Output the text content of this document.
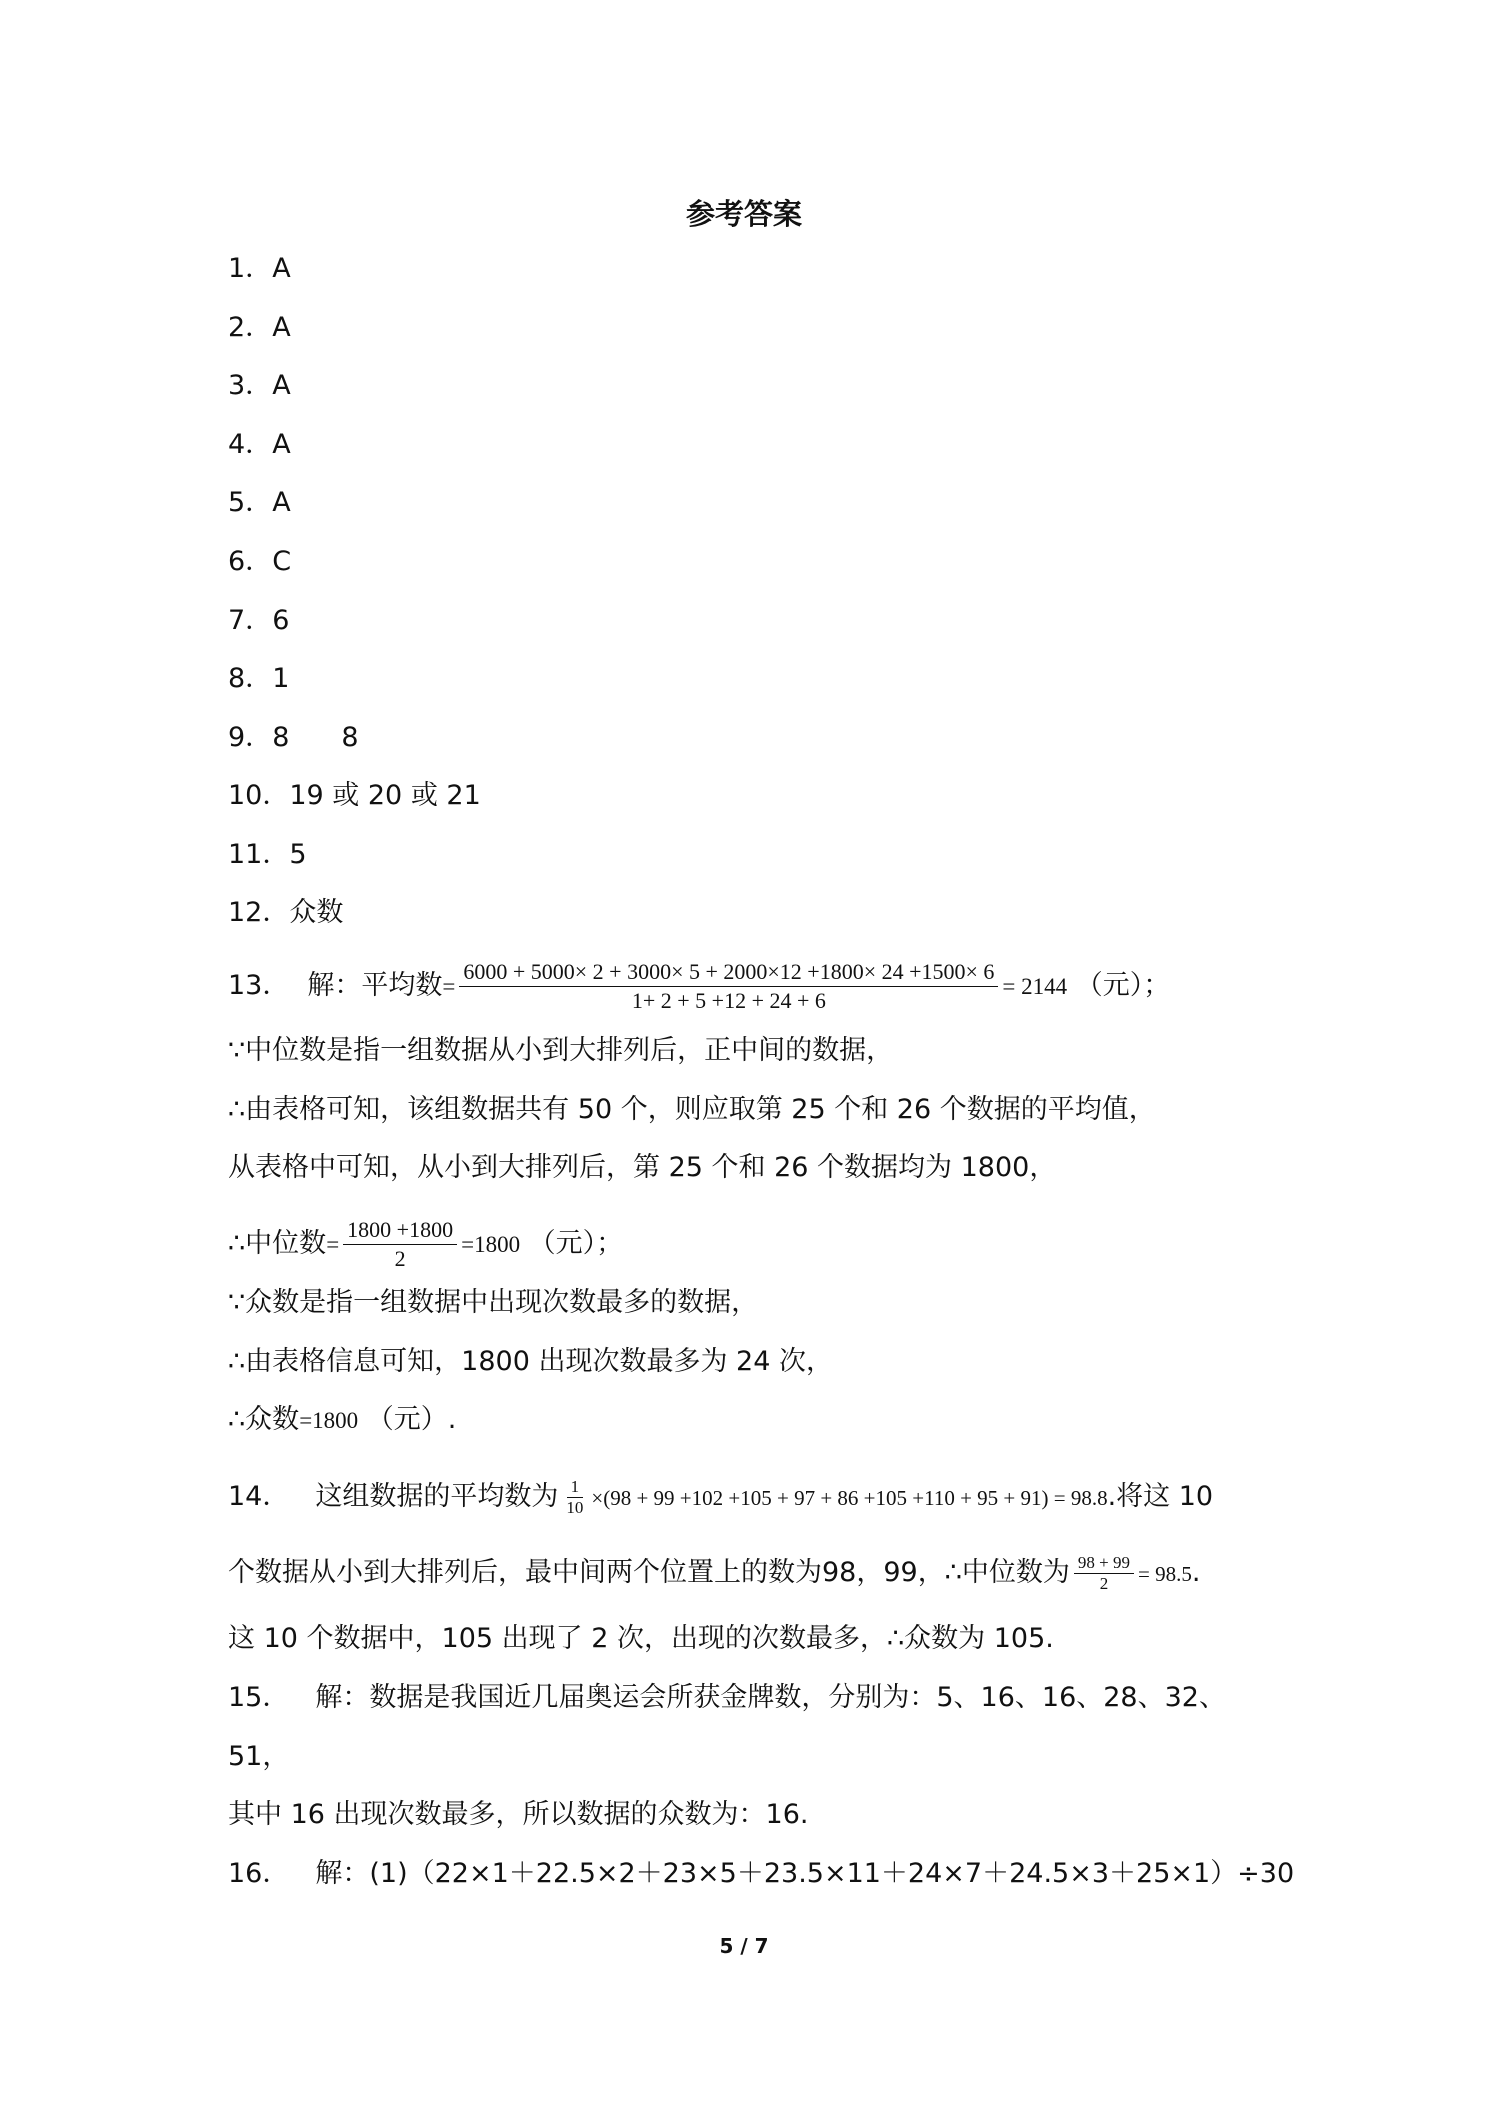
参考答案
1．A
2．A
3．A
4．A
5．A
6．C
7．6
8．1
9．8 8
10．19 或 20 或 21
11．5
12．众数
13． 解：平均数= $\frac{6000 + 5000\times 2 + 3000\times 5 + 2000\times 12 +1800\times 24 +1500\times 6}{1+ 2 + 5 +12 + 24 + 6} = 2144$ （元）；
∵中位数是指一组数据从小到大排列后，正中间的数据，
∴由表格可知，该组数据共有 50 个，则应取第 25 个和 26 个数据的平均值，
从表格中可知，从小到大排列后，第 25 个和 26 个数据均为 1800，
∴中位数= $\frac{1800 +1800}{2} =1800$ （元）；
∵众数是指一组数据中出现次数最多的数据，
∴由表格信息可知，1800 出现次数最多为 24 次，
∴众数=1800 （元）.
14． 这组数据的平均数为 $\frac{1}{10} \times(98 + 99 +102 +105 + 97 + 86 +105 +110 + 95 + 91) = 98.8$.将这 10
个数据从小到大排列后，最中间两个位置上的数为98，99，∴中位数为 $\frac{98 + 99}{2} = 98.5$.
这 10 个数据中，105 出现了 2 次，出现的次数最多，∴众数为 105.
15． 解：数据是我国近几届奥运会所获金牌数，分别为：5、16、16、28、32、
51，
其中 16 出现次数最多，所以数据的众数为：16.
16． 解：(1)（22×1＋22.5×2＋23×5＋23.5×11＋24×7＋24.5×3＋25×1）÷30
5 / 7
